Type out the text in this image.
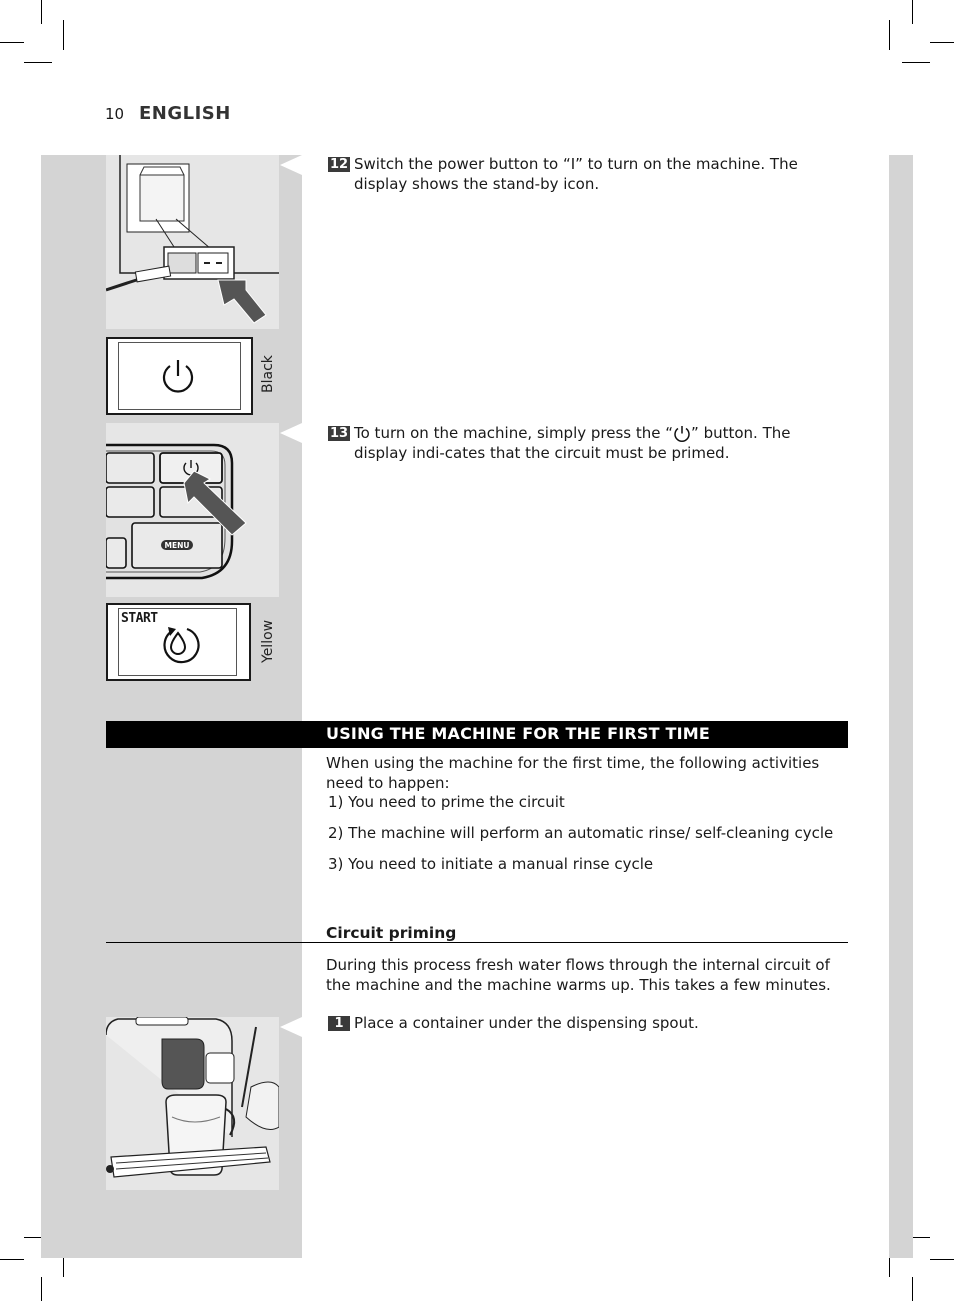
10 ENGLISH
Black
12 Switch the power button to “I” to turn on the machine. The display shows the stand-by icon.
MENU
START
Yellow
13 To turn on the machine, simply press the “ ” button. The display indi-cates that the circuit must be primed.
USING THE MACHINE FOR THE FIRST TIME
When using the machine for the first time, the following activities need to happen:
1) You need to prime the circuit
2) The machine will perform an automatic rinse/ self-cleaning cycle
3) You need to initiate a manual rinse cycle
Circuit priming
During this process fresh water flows through the internal circuit of the machine and the machine warms up. This takes a few minutes.
1 Place a container under the dispensing spout.
